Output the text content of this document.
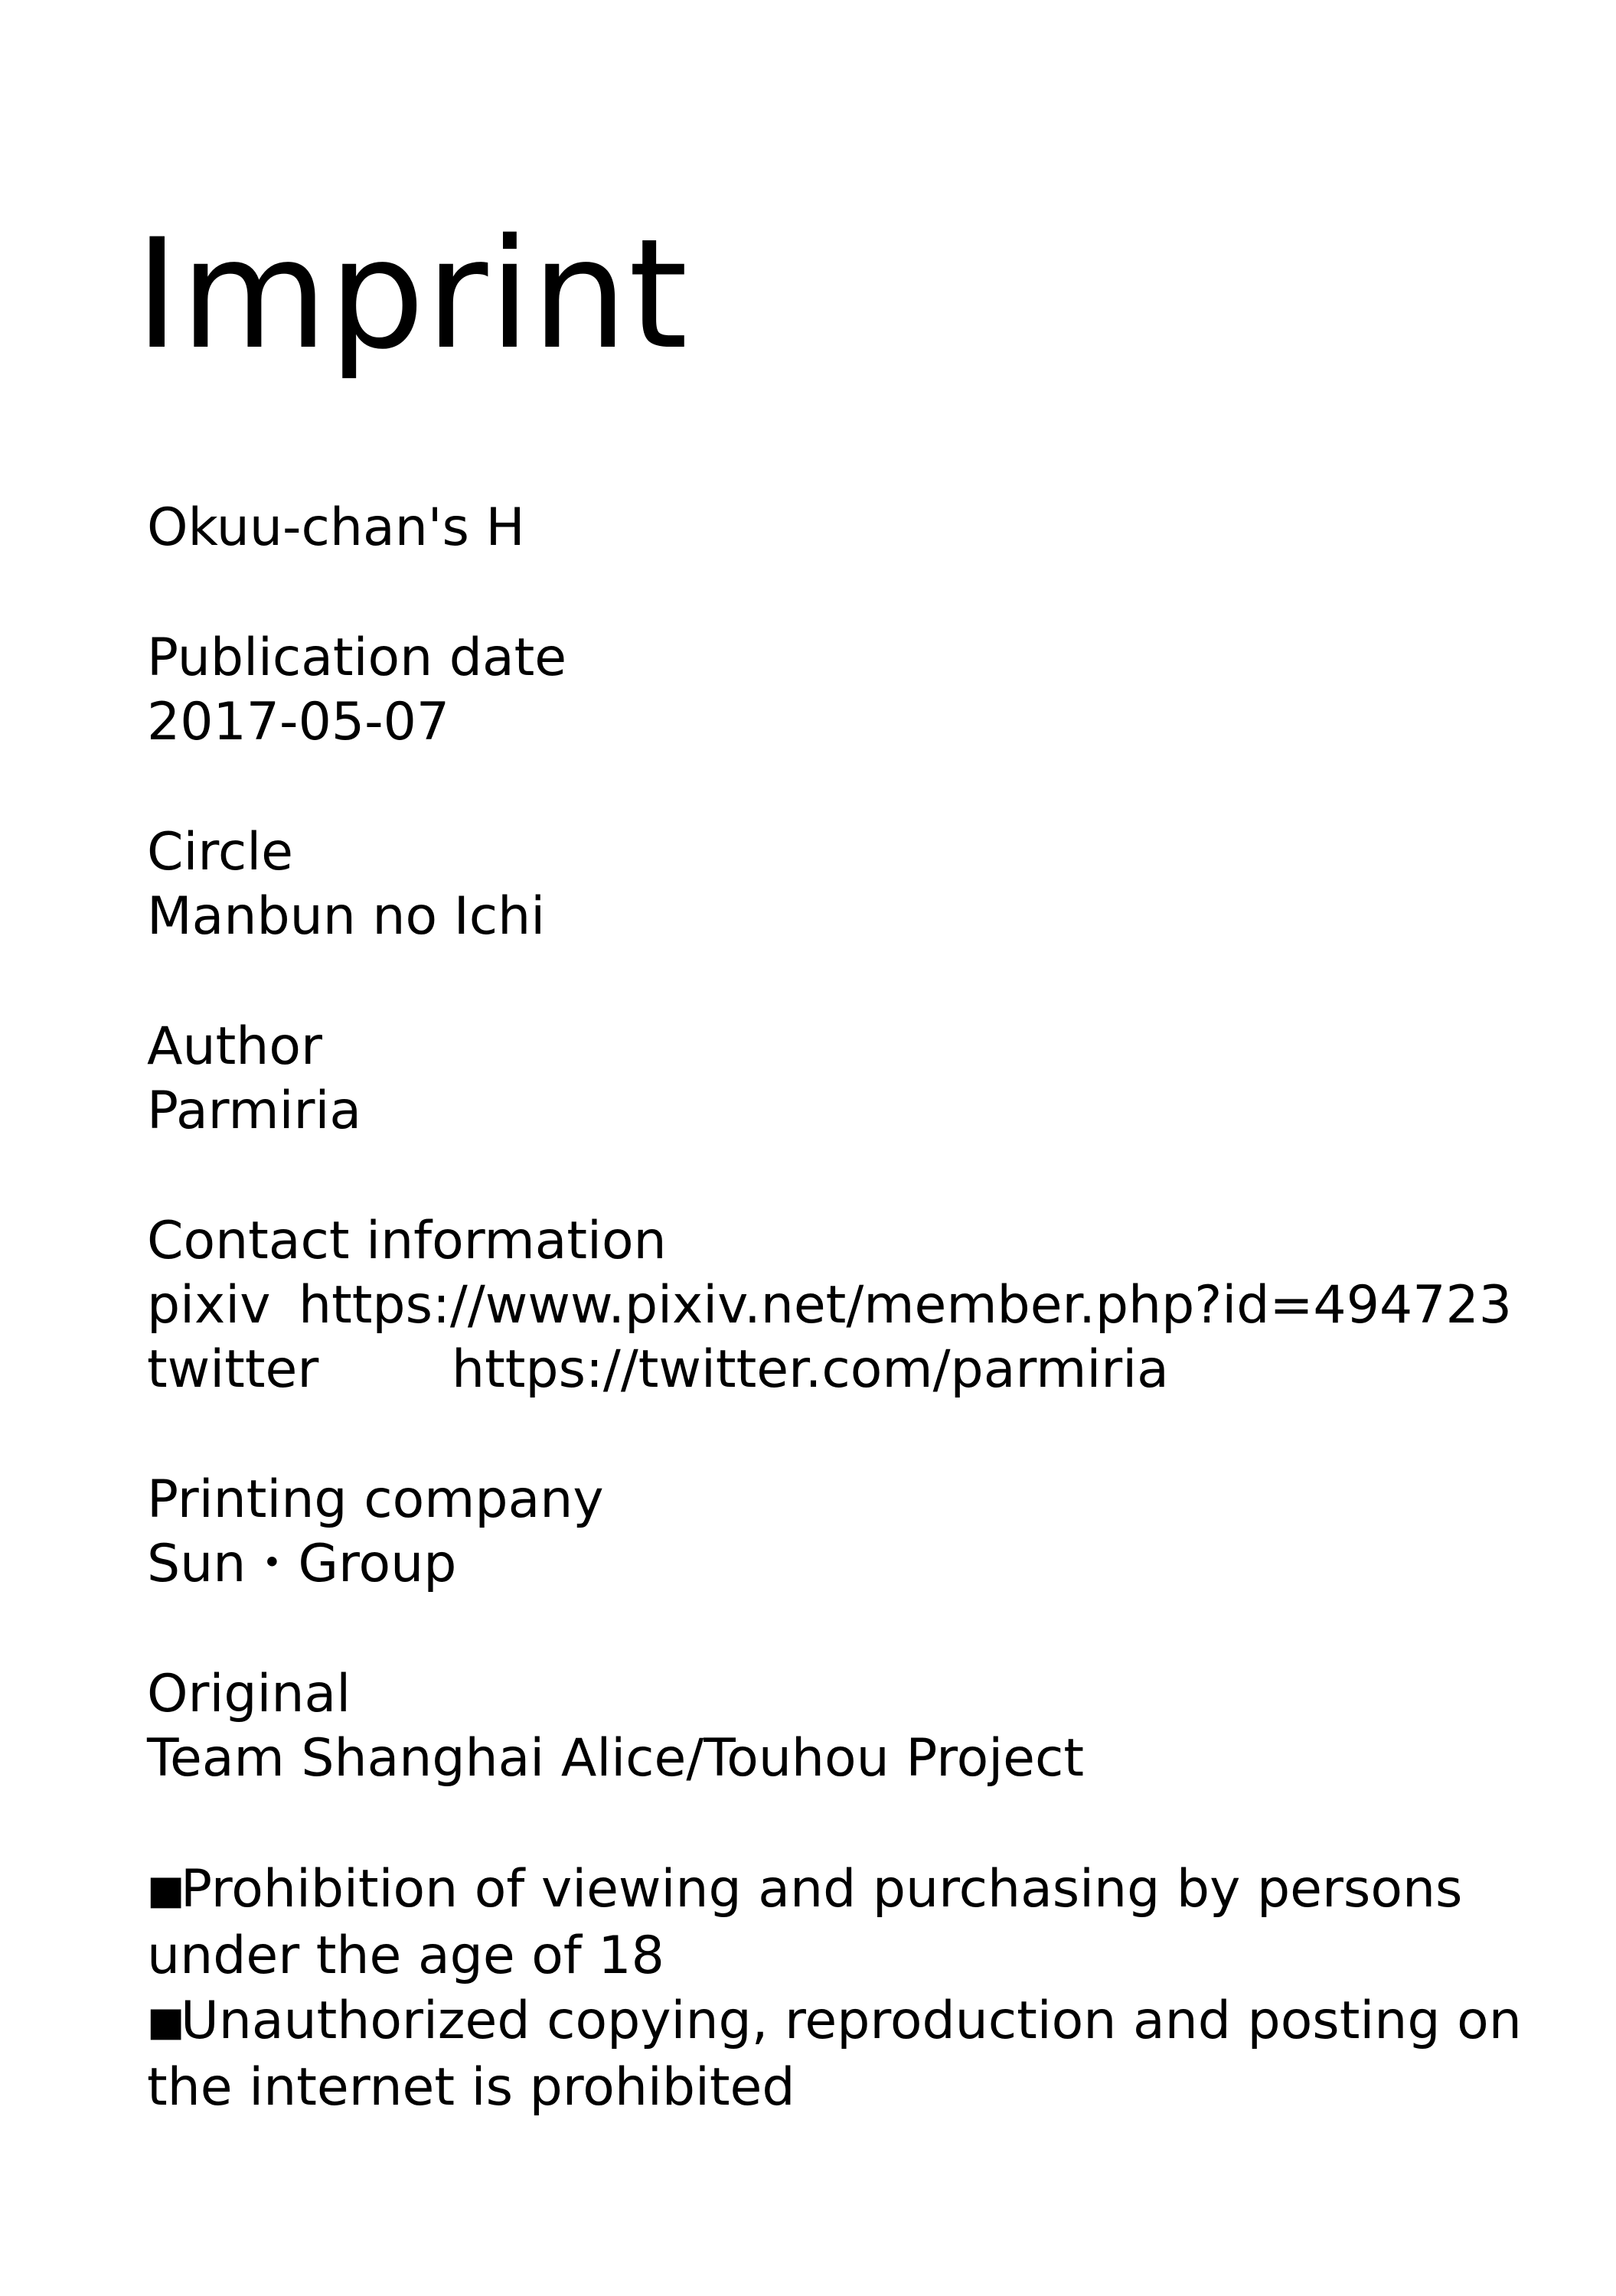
Imprint

Okuu-chan's H

Publication date

2017-05-07

Circle

Manbun no Ichi

Author

Parmiria

Contact information

pixiv https://www.pixiv.net/member.php?id=494723
twitter	https://twitter.com/parmiria

Printing company

Sun・Group

Original

Team Shanghai Alice/Touhou Project

■Prohibition of viewing and purchasing by persons under the age of 18

■Unauthorized copying, reproduction and posting on the internet is prohibited
